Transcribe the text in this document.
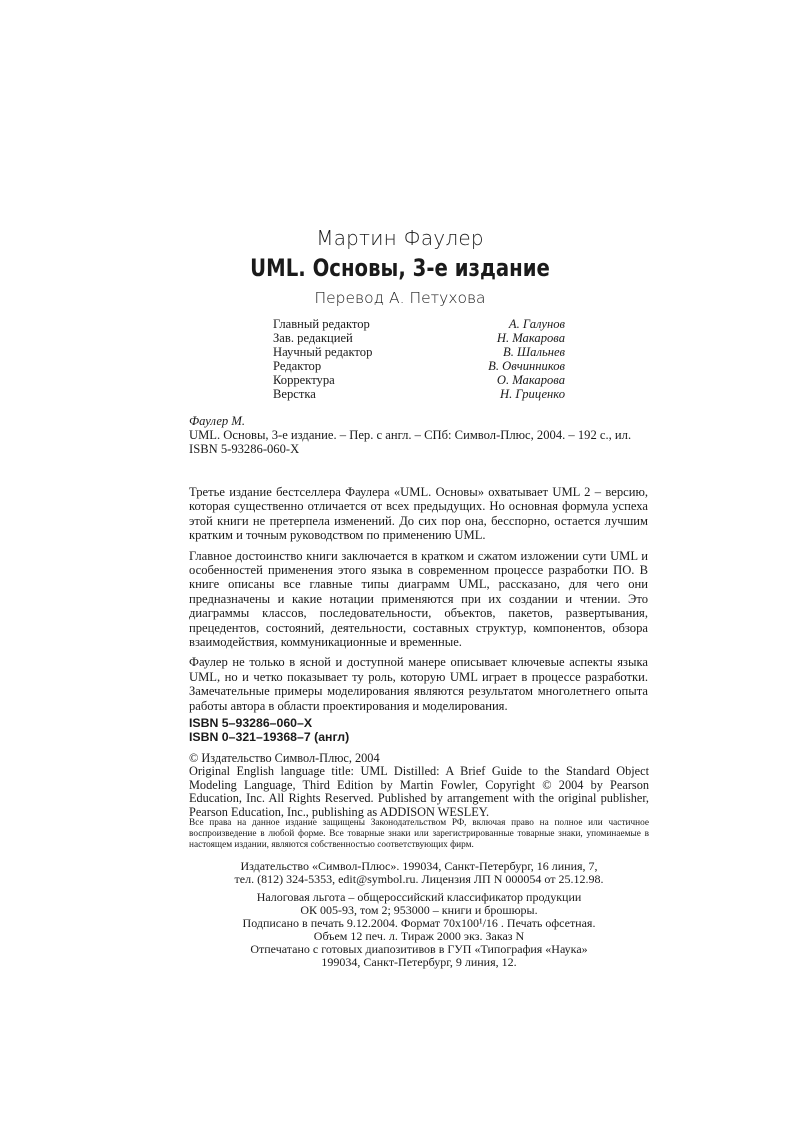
Мартин Фаулер
UML. Основы, 3-е издание
Перевод А. Петухова
Главный редактор	А. Галунов
Зав. редакцией	Н. Макарова
Научный редактор	В. Шальнев
Редактор	В. Овчинников
Корректура	О. Макарова
Верстка	Н. Гриценко
Фаулер М.
UML. Основы, 3-е издание. – Пер. с англ. – СПб: Символ-Плюс, 2004. – 192 с., ил.
ISBN 5-93286-060-X

Третье издание бестселлера Фаулера «UML. Основы» охватывает UML 2 – версию, которая существенно отличается от всех предыдущих. Но основная формула успеха этой книги не претерпела изменений. До сих пор она, бесспорно, остается лучшим кратким и точным руководством по применению UML.

Главное достоинство книги заключается в кратком и сжатом изложении сути UML и особенностей применения этого языка в современном процессе разработки ПО. В книге описаны все главные типы диаграмм UML, рассказано, для чего они предназначены и какие нотации применяются при их создании и чтении. Это диаграммы классов, последовательности, объектов, пакетов, развертывания, прецедентов, состояний, деятельности, составных структур, компонентов, обзора взаимодействия, коммуникационные и временные.

Фаулер не только в ясной и доступной манере описывает ключевые аспекты языка UML, но и четко показывает ту роль, которую UML играет в процессе разработки. Замечательные примеры моделирования являются результатом многолетнего опыта работы автора в области проектирования и моделирования.

ISBN 5–93286–060–X
ISBN 0–321–19368–7 (англ)
© Издательство Символ-Плюс, 2004
Original English language title: UML Distilled: A Brief Guide to the Standard Object Modeling Language, Third Edition by Martin Fowler, Copyright © 2004 by Pearson Education, Inc. All Rights Reserved. Published by arrangement with the original publisher, Pearson Education, Inc., publishing as ADDISON WESLEY.
Все права на данное издание защищены Законодательством РФ, включая право на полное или частичное воспроизведение в любой форме. Все товарные знаки или зарегистрированные товарные знаки, упоминаемые в настоящем издании, являются собственностью соответствующих фирм.
Издательство «Символ-Плюс». 199034, Санкт-Петербург, 16 линия, 7,
тел. (812) 324-5353, edit@symbol.ru. Лицензия ЛП N 000054 от 25.12.98.
Налоговая льгота – общероссийский классификатор продукции
ОК 005-93, том 2; 953000 – книги и брошюры.
Подписано в печать 9.12.2004. Формат 70х100¹/16 . Печать офсетная.
Объем 12 печ. л. Тираж 2000 экз. Заказ N
Отпечатано с готовых диапозитивов в ГУП «Типография «Наука»
199034, Санкт-Петербург, 9 линия, 12.
